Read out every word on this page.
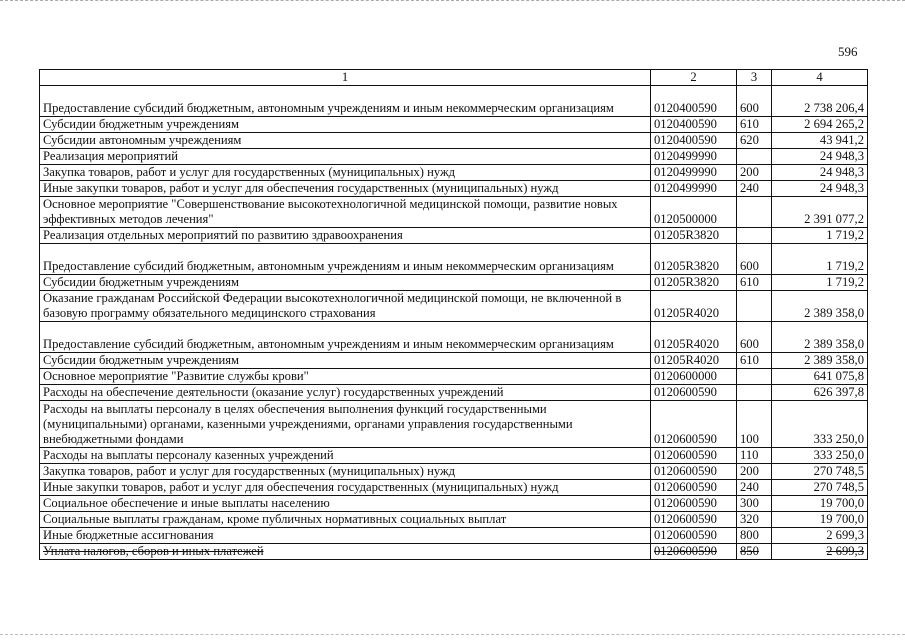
596
1	2	3	4
Предоставление субсидий бюджетным, автономным учреждениям и иным некоммерческим организациям	0120400590	600	2 738 206,4
Субсидии бюджетным учреждениям	0120400590	610	2 694 265,2
Субсидии автономным учреждениям	0120400590	620	43 941,2
Реализация мероприятий	0120499990		24 948,3
Закупка товаров, работ и услуг для государственных (муниципальных) нужд	0120499990	200	24 948,3
Иные закупки товаров, работ и услуг для обеспечения государственных (муниципальных) нужд	0120499990	240	24 948,3
Основное мероприятие "Совершенствование высокотехнологичной медицинской помощи, развитие новых эффективных методов лечения"	0120500000		2 391 077,2
Реализация отдельных мероприятий по развитию здравоохранения	01205R3820		1 719,2
Предоставление субсидий бюджетным, автономным учреждениям и иным некоммерческим организациям	01205R3820	600	1 719,2
Субсидии бюджетным учреждениям	01205R3820	610	1 719,2
Оказание гражданам Российской Федерации высокотехнологичной медицинской помощи, не включенной в базовую программу обязательного медицинского страхования	01205R4020		2 389 358,0
Предоставление субсидий бюджетным, автономным учреждениям и иным некоммерческим организациям	01205R4020	600	2 389 358,0
Субсидии бюджетным учреждениям	01205R4020	610	2 389 358,0
Основное мероприятие "Развитие службы крови"	0120600000		641 075,8
Расходы на обеспечение деятельности (оказание услуг) государственных учреждений	0120600590		626 397,8
Расходы на выплаты персоналу в целях обеспечения выполнения функций государственными (муниципальными) органами, казенными учреждениями, органами управления государственными внебюджетными фондами	0120600590	100	333 250,0
Расходы на выплаты персоналу казенных учреждений	0120600590	110	333 250,0
Закупка товаров, работ и услуг для государственных (муниципальных) нужд	0120600590	200	270 748,5
Иные закупки товаров, работ и услуг для обеспечения государственных (муниципальных) нужд	0120600590	240	270 748,5
Социальное обеспечение и иные выплаты населению	0120600590	300	19 700,0
Социальные выплаты гражданам, кроме публичных нормативных социальных выплат	0120600590	320	19 700,0
Иные бюджетные ассигнования	0120600590	800	2 699,3
Уплата налогов, сборов и иных платежей	0120600590	850	2 699,3
